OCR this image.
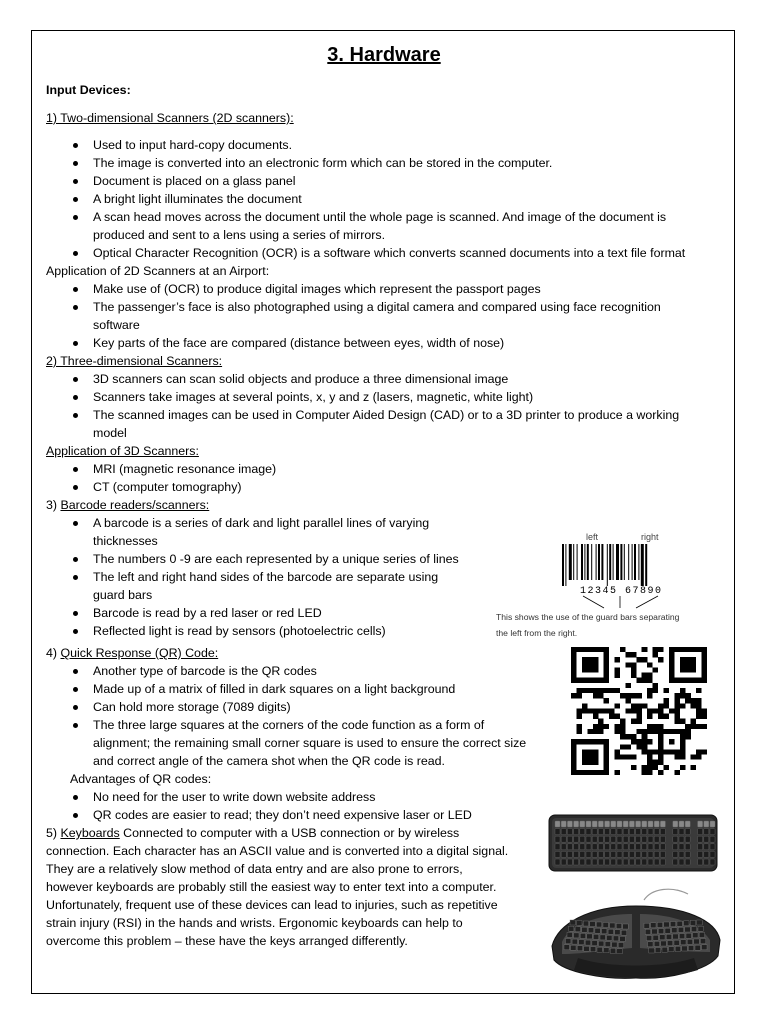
3. Hardware
Input Devices:
1) Two-dimensional Scanners (2D scanners):
Used to input hard-copy documents.
The image is converted into an electronic form which can be stored in the computer.
Document is placed on a glass panel
A bright light illuminates the document
A scan head moves across the document until the whole page is scanned. And image of the document is
produced and sent to a lens using a series of mirrors.
Optical Character Recognition (OCR) is a software which converts scanned documents into a text file format
Application of 2D Scanners at an Airport:
Make use of (OCR) to produce digital images which represent the passport pages
The passenger’s face is also photographed using a digital camera and compared using face recognition
software
Key parts of the face are compared (distance between eyes, width of nose)
2) Three-dimensional Scanners:
3D scanners can scan solid objects and produce a three dimensional image
Scanners take images at several points, x, y and z (lasers, magnetic, white light)
The scanned images can be used in Computer Aided Design (CAD) or to a 3D printer to produce a working
model
Application of 3D Scanners:
MRI (magnetic resonance image)
CT (computer tomography)
3) Barcode readers/scanners:
A barcode is a series of dark and light parallel lines of varying
thicknesses
The numbers 0 -9 are each represented by a unique series of lines
The left and right hand sides of the barcode are separate using
guard bars
Barcode is read by a red laser or red LED
Reflected light is read by sensors (photoelectric cells)
left	right
12345 67890
This shows the use of the guard bars separating
the left from the right.
4) Quick Response (QR) Code:
Another type of barcode is the QR codes
Made up of a matrix of filled in dark squares on a light background
Can hold more storage (7089 digits)
The three large squares at the corners of the code function as a form of
alignment; the remaining small corner square is used to ensure the correct size
and correct angle of the camera shot when the QR code is read.
Advantages of QR codes:
No need for the user to write down website address
QR codes are easier to read; they don’t need expensive laser or LED
5) Keyboards Connected to computer with a USB connection or by wireless
connection. Each character has an ASCII value and is converted into a digital signal.
They are a relatively slow method of data entry and are also prone to errors,
however keyboards are probably still the easiest way to enter text into a computer.
Unfortunately, frequent use of these devices can lead to injuries, such as repetitive
strain injury (RSI) in the hands and wrists. Ergonomic keyboards can help to
overcome this problem – these have the keys arranged differently.
